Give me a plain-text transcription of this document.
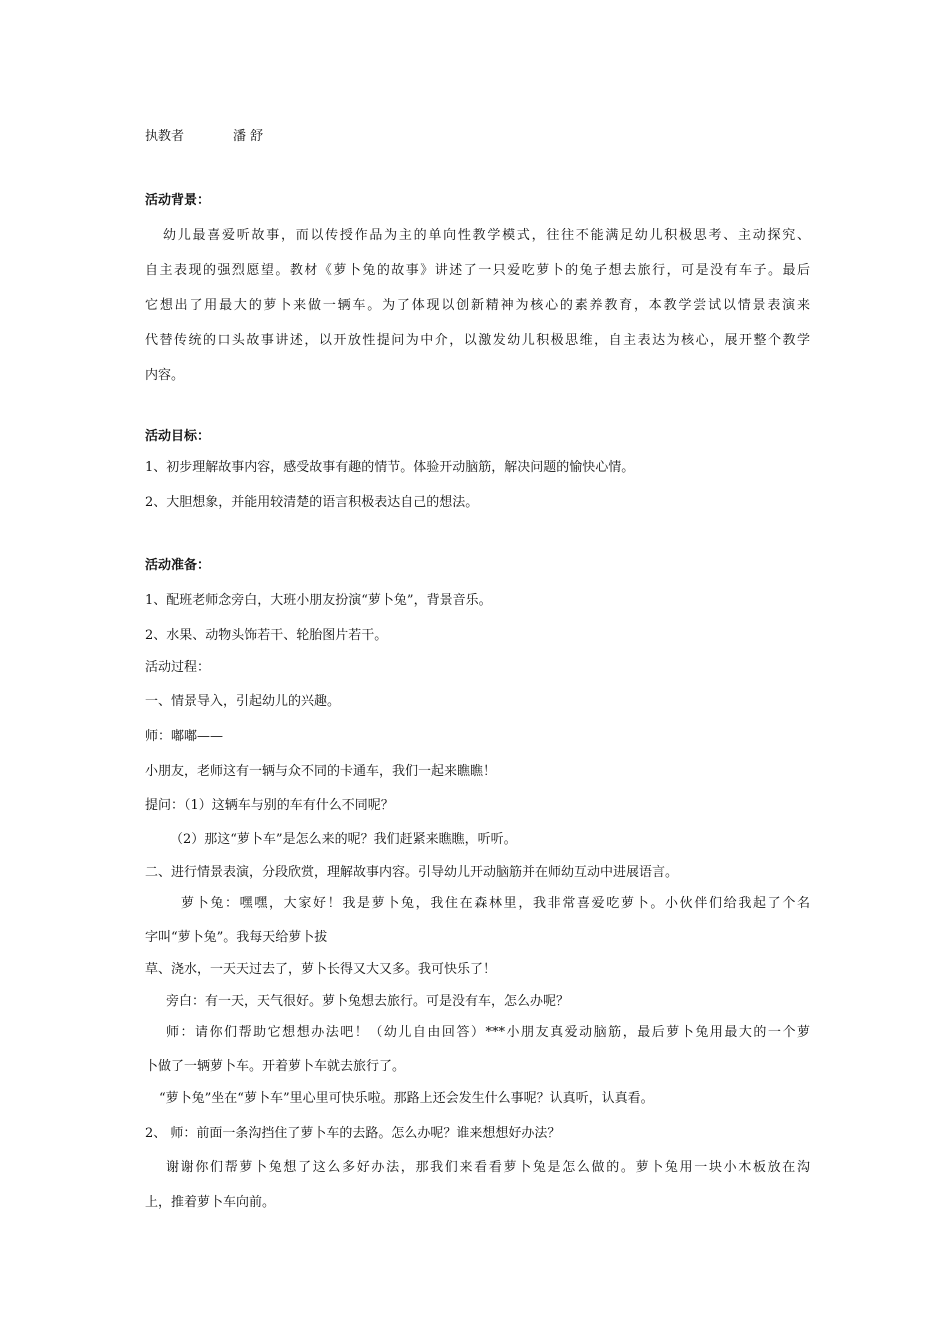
执教者	潘 舒
活动背景：
幼儿最喜爱听故事，而以传授作品为主的单向性教学模式，往往不能满足幼儿积极思考、主动探究、
自主表现的强烈愿望。教材《萝卜兔的故事》讲述了一只爱吃萝卜的兔子想去旅行，可是没有车子。最后
它想出了用最大的萝卜来做一辆车。为了体现以创新精神为核心的素养教育，本教学尝试以情景表演来
代替传统的口头故事讲述，以开放性提问为中介，以激发幼儿积极思维，自主表达为核心，展开整个教学
内容。
活动目标：
1、初步理解故事内容，感受故事有趣的情节。体验开动脑筋，解决问题的愉快心情。
2、大胆想象，并能用较清楚的语言积极表达自己的想法。
活动准备：
1、配班老师念旁白，大班小朋友扮演“萝卜兔”，背景音乐。
2、水果、动物头饰若干、轮胎图片若干。
活动过程：
一、情景导入，引起幼儿的兴趣。
师：嘟嘟——
小朋友，老师这有一辆与众不同的卡通车，我们一起来瞧瞧！
提问：（1）这辆车与别的车有什么不同呢？
（2）那这“萝卜车”是怎么来的呢？我们赶紧来瞧瞧，听听。
二、进行情景表演，分段欣赏，理解故事内容。引导幼儿开动脑筋并在师幼互动中进展语言。
萝卜兔：嘿嘿，大家好！我是萝卜兔，我住在森林里，我非常喜爱吃萝卜。小伙伴们给我起了个名
字叫“萝卜兔”。我每天给萝卜拔
草、浇水，一天天过去了，萝卜长得又大又多。我可快乐了！
旁白：有一天，天气很好。萝卜兔想去旅行。可是没有车，怎么办呢？
师：请你们帮助它想想办法吧！（幼儿自由回答）***小朋友真爱动脑筋，最后萝卜兔用最大的一个萝
卜做了一辆萝卜车。开着萝卜车就去旅行了。
“萝卜兔”坐在“萝卜车”里心里可快乐啦。那路上还会发生什么事呢？认真听，认真看。
2、 师：前面一条沟挡住了萝卜车的去路。怎么办呢？谁来想想好办法？
谢谢你们帮萝卜兔想了这么多好办法，那我们来看看萝卜兔是怎么做的。萝卜兔用一块小木板放在沟
上，推着萝卜车向前。
